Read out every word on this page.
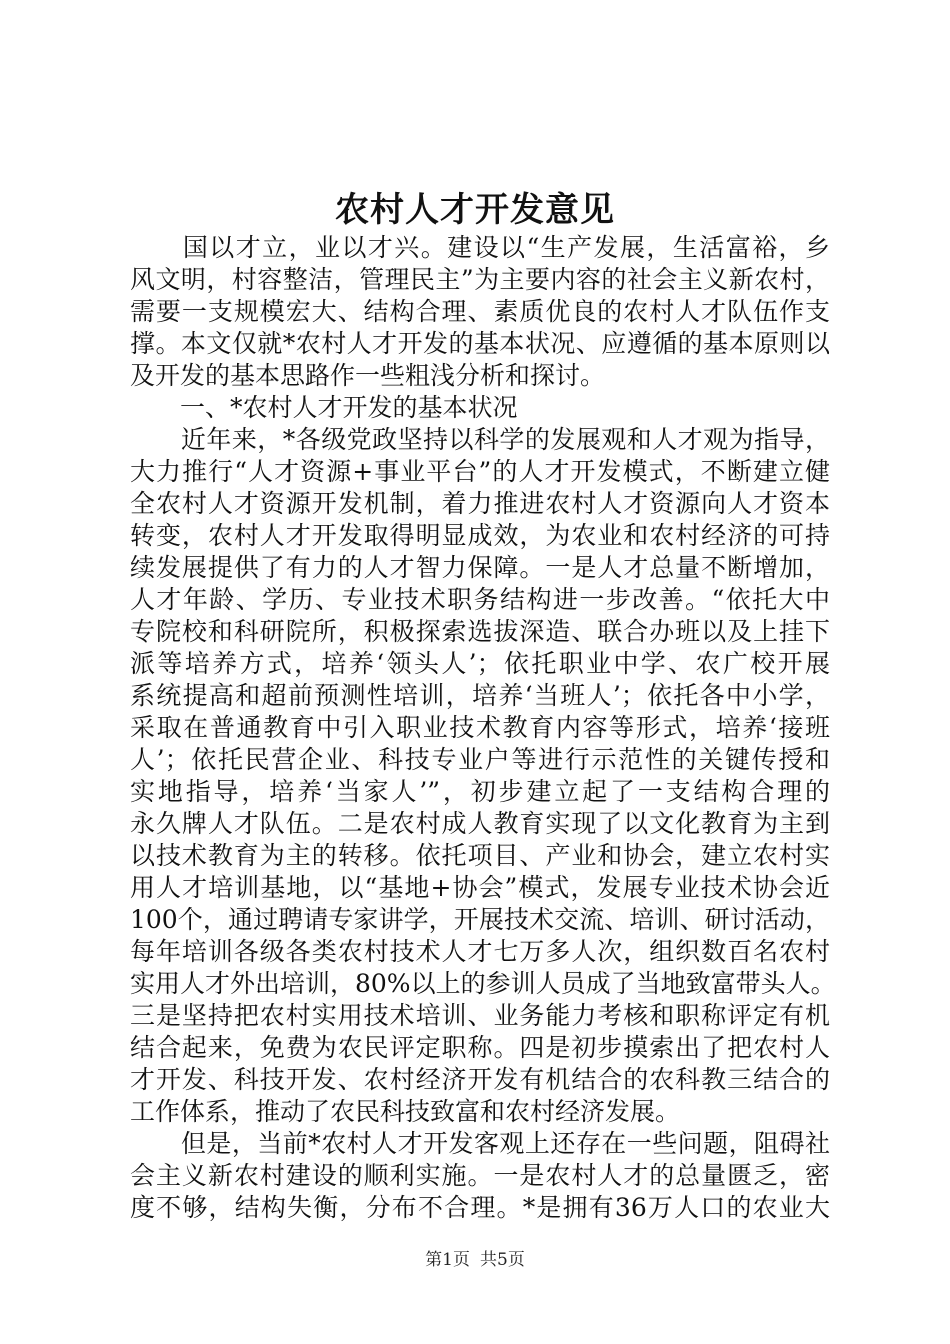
农村人才开发意见
　　国以才立，业以才兴。建设以“生产发展，生活富裕，乡
风文明，村容整洁，管理民主”为主要内容的社会主义新农村，
需要一支规模宏大、结构合理、素质优良的农村人才队伍作支
撑。本文仅就*农村人才开发的基本状况、应遵循的基本原则以
及开发的基本思路作一些粗浅分析和探讨。
　　一、*农村人才开发的基本状况
　　近年来，*各级党政坚持以科学的发展观和人才观为指导，
大力推行“人才资源+事业平台”的人才开发模式，不断建立健
全农村人才资源开发机制，着力推进农村人才资源向人才资本
转变，农村人才开发取得明显成效，为农业和农村经济的可持
续发展提供了有力的人才智力保障。一是人才总量不断增加，
人才年龄、学历、专业技术职务结构进一步改善。“依托大中
专院校和科研院所，积极探索选拔深造、联合办班以及上挂下
派等培养方式，培养‘领头人’；依托职业中学、农广校开展
系统提高和超前预测性培训，培养‘当班人’；依托各中小学，
采取在普通教育中引入职业技术教育内容等形式，培养‘接班
人’；依托民营企业、科技专业户等进行示范性的关键传授和
实地指导，培养‘当家人’”，初步建立起了一支结构合理的
永久牌人才队伍。二是农村成人教育实现了以文化教育为主到
以技术教育为主的转移。依托项目、产业和协会，建立农村实
用人才培训基地，以“基地+协会”模式，发展专业技术协会近
100个，通过聘请专家讲学，开展技术交流、培训、研讨活动，
每年培训各级各类农村技术人才七万多人次，组织数百名农村
实用人才外出培训，80%以上的参训人员成了当地致富带头人。
三是坚持把农村实用技术培训、业务能力考核和职称评定有机
结合起来，免费为农民评定职称。四是初步摸索出了把农村人
才开发、科技开发、农村经济开发有机结合的农科教三结合的
工作体系，推动了农民科技致富和农村经济发展。
　　但是，当前*农村人才开发客观上还存在一些问题，阻碍社
会主义新农村建设的顺利实施。一是农村人才的总量匮乏，密
度不够，结构失衡，分布不合理。*是拥有36万人口的农业大
第1页 共5页
